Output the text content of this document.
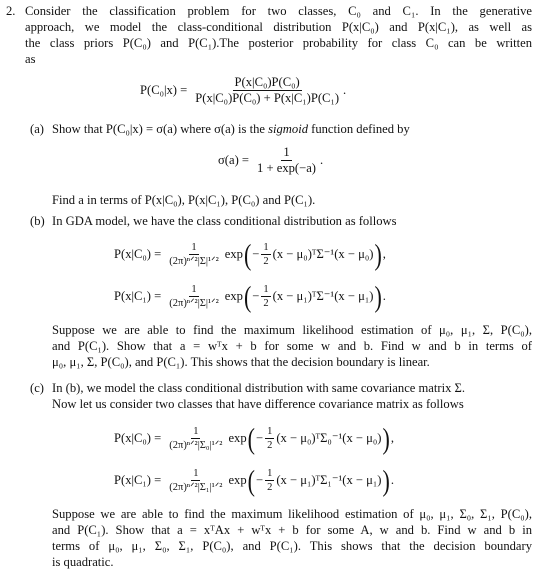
2. Consider the classification problem for two classes, C₀ and C₁. In the generative
approach, we model the class-conditional distribution P(x|C₀) and P(x|C₁), as well as
the class priors P(C₀) and P(C₁).The posterior probability for class C₀ can be written
as
$P(C_0|x) = \frac{\text{P(x|C₀)P(C₀)}}{\text{P(x|C₀)P(C₀) + P(x|C₁)P(C₁)}}$ .
(a) Show that P(C₀|x) = σ(a) where σ(a) is the sigmoid function defined by
$\sigma(a) = \frac{1}{1 + \exp(-a)}$ .
Find a in terms of P(x|C₀), P(x|C₁), P(C₀) and P(C₁).
(b) In GDA model, we have the class conditional distribution as follows
$P(x|C_0) = \frac{1}{\text{(2π)ⁿᐟ²|Σ|¹ᐟ²}}$ exp ( − $\frac{1}{2} (x$ − μ₀)ᵀΣ⁻¹(x − μ₀) ) ,
$P(x|C_1) = \frac{1}{\text{(2π)ⁿᐟ²|Σ|¹ᐟ²}}$ exp ( − $\frac{1}{2} (x$ − μ₁)ᵀΣ⁻¹(x − μ₁) ) .
Suppose we are able to find the maximum likelihood estimation of μ₀, μ₁, Σ, P(C₀),
and P(C₁). Show that a = wᵀx + b for some w and b. Find w and b in terms of
μ₀, μ₁, Σ, P(C₀), and P(C₁). This shows that the decision boundary is linear.
(c) In (b), we model the class conditional distribution with same covariance matrix Σ.
Now let us consider two classes that have difference covariance matrix as follows
$P(x|C_0) = \frac{1}{\text{(2π)ⁿᐟ²|Σ₀|¹ᐟ²}}$ exp ( − $\frac{1}{2} (x$ − μ₀)ᵀΣ₀⁻¹(x − μ₀) ) ,
$P(x|C_1) = \frac{1}{\text{(2π)ⁿᐟ²|Σ₁|¹ᐟ²}}$ exp ( − $\frac{1}{2} (x$ − μ₁)ᵀΣ₁⁻¹(x − μ₁) ) .
Suppose we are able to find the maximum likelihood estimation of μ₀, μ₁, Σ₀, Σ₁, P(C₀),
and P(C₁). Show that a = xᵀAx + wᵀx + b for some A, w and b. Find w and b in
terms of μ₀, μ₁, Σ₀, Σ₁, P(C₀), and P(C₁). This shows that the decision boundary
is quadratic.
